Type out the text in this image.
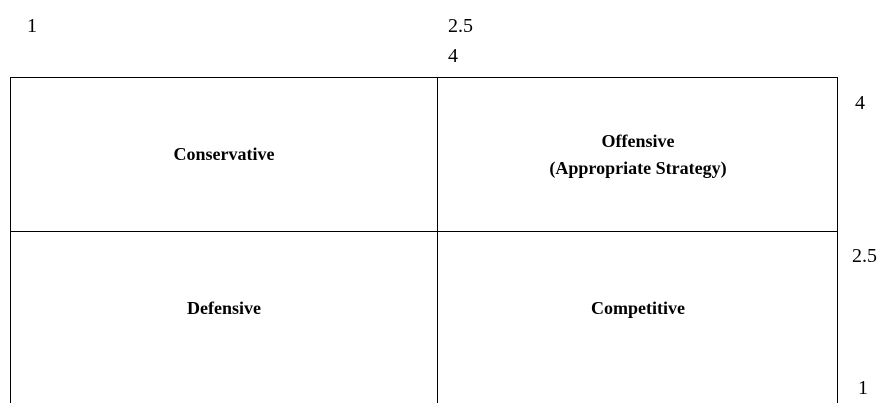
1	2.5
4
4
2.5
1
Conservative
Offensive
(Appropriate Strategy)
Defensive	Competitive
